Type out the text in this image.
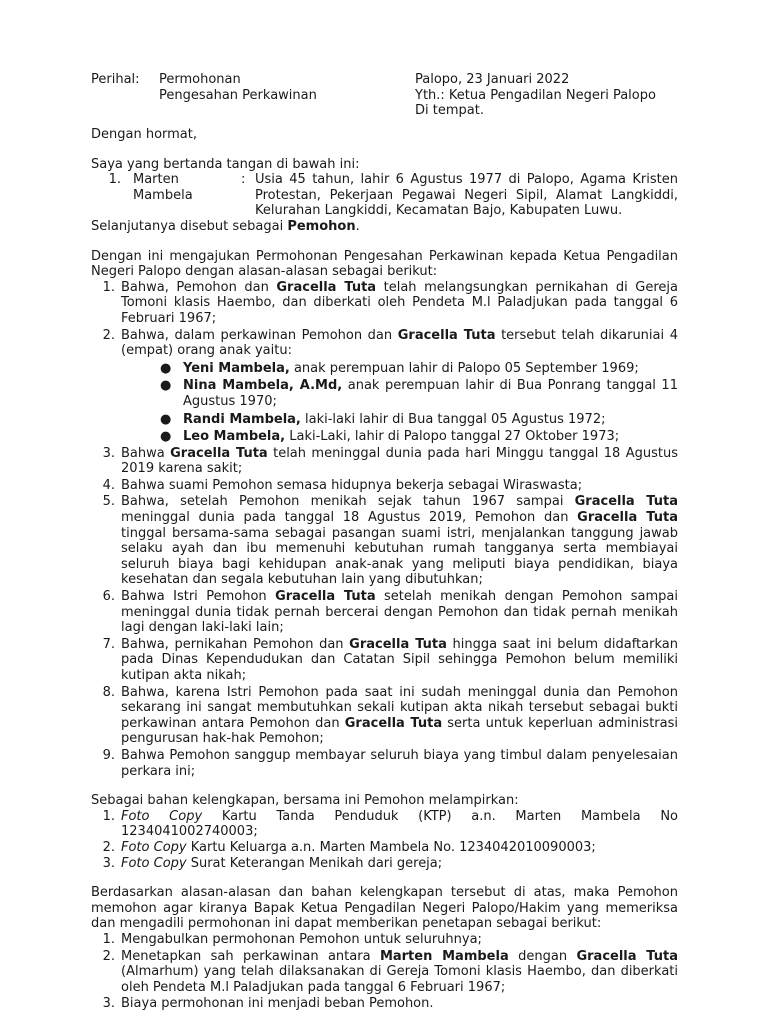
Perihal:	Permohonan
Pengesahan Perkawinan
Palopo, 23 Januari 2022
Yth.: Ketua Pengadilan Negeri Palopo
Di tempat.

Dengan hormat,

Saya yang bertanda tangan di bawah ini:

1. Marten Mambela
: Usia 45 tahun, lahir 6 Agustus 1977 di Palopo, Agama Kristen Protestan, Pekerjaan Pegawai Negeri Sipil, Alamat Langkiddi, Kelurahan Langkiddi, Kecamatan Bajo, Kabupaten Luwu.

Selanjutanya disebut sebagai Pemohon.

Dengan ini mengajukan Permohonan Pengesahan Perkawinan kepada Ketua Pengadilan Negeri Palopo dengan alasan-alasan sebagai berikut:

1. Bahwa, Pemohon dan Gracella Tuta telah melangsungkan pernikahan di Gereja Tomoni klasis Haembo, dan diberkati oleh Pendeta M.l Paladjukan pada tanggal 6 Februari 1967;
2. Bahwa, dalam perkawinan Pemohon dan Gracella Tuta tersebut telah dikaruniai 4 (empat) orang anak yaitu:
● Yeni Mambela, anak perempuan lahir di Palopo 05 September 1969;
● Nina Mambela, A.Md, anak perempuan lahir di Bua Ponrang tanggal 11 Agustus 1970;
● Randi Mambela, laki-laki lahir di Bua tanggal 05 Agustus 1972;
● Leo Mambela, Laki-Laki, lahir di Palopo tanggal 27 Oktober 1973;
3. Bahwa Gracella Tuta telah meninggal dunia pada hari Minggu tanggal 18 Agustus 2019 karena sakit;
4. Bahwa suami Pemohon semasa hidupnya bekerja sebagai Wiraswasta;
5. Bahwa, setelah Pemohon menikah sejak tahun 1967 sampai Gracella Tuta meninggal dunia pada tanggal 18 Agustus 2019, Pemohon dan Gracella Tuta tinggal bersama-sama sebagai pasangan suami istri, menjalankan tanggung jawab selaku ayah dan ibu memenuhi kebutuhan rumah tangganya serta membiayai seluruh biaya bagi kehidupan anak-anak yang meliputi biaya pendidikan, biaya kesehatan dan segala kebutuhan lain yang dibutuhkan;
6. Bahwa Istri Pemohon Gracella Tuta setelah menikah dengan Pemohon sampai meninggal dunia tidak pernah bercerai dengan Pemohon dan tidak pernah menikah lagi dengan laki-laki lain;
7. Bahwa, pernikahan Pemohon dan Gracella Tuta hingga saat ini belum didaftarkan pada Dinas Kependudukan dan Catatan Sipil sehingga Pemohon belum memiliki kutipan akta nikah;
8. Bahwa, karena Istri Pemohon pada saat ini sudah meninggal dunia dan Pemohon sekarang ini sangat membutuhkan sekali kutipan akta nikah tersebut sebagai bukti perkawinan antara Pemohon dan Gracella Tuta serta untuk keperluan administrasi pengurusan hak-hak Pemohon;
9. Bahwa Pemohon sanggup membayar seluruh biaya yang timbul dalam penyelesaian perkara ini;

Sebagai bahan kelengkapan, bersama ini Pemohon melampirkan:

1. Foto Copy Kartu Tanda Penduduk (KTP) a.n. Marten Mambela No 1234041002740003;
2. Foto Copy Kartu Keluarga a.n. Marten Mambela No. 1234042010090003;
3. Foto Copy Surat Keterangan Menikah dari gereja;

Berdasarkan alasan-alasan dan bahan kelengkapan tersebut di atas, maka Pemohon memohon agar kiranya Bapak Ketua Pengadilan Negeri Palopo/Hakim yang memeriksa dan mengadili permohonan ini dapat memberikan penetapan sebagai berikut:

1. Mengabulkan permohonan Pemohon untuk seluruhnya;
2. Menetapkan sah perkawinan antara Marten Mambela dengan Gracella Tuta (Almarhum) yang telah dilaksanakan di Gereja Tomoni klasis Haembo, dan diberkati oleh Pendeta M.l Paladjukan pada tanggal 6 Februari 1967;
3. Biaya permohonan ini menjadi beban Pemohon.
